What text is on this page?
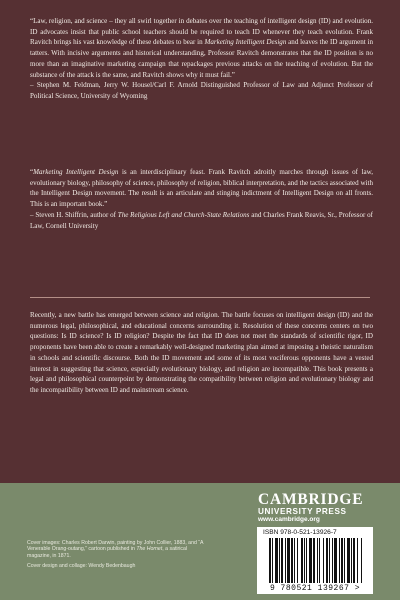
“Law, religion, and science – they all swirl together in debates over the teaching of intelligent design (ID) and evolution. ID advocates insist that public school teachers should be required to teach ID whenever they teach evolution. Frank Ravitch brings his vast knowledge of these debates to bear in Marketing Intelligent Design and leaves the ID argument in tatters. With incisive arguments and historical understanding, Professor Ravitch demonstrates that the ID position is no more than an imaginative marketing campaign that repackages previous attacks on the teaching of evolution. But the substance of the attack is the same, and Ravitch shows why it must fail.”

– Stephen M. Feldman, Jerry W. Housel/Carl F. Arnold Distinguished Professor of Law and Adjunct Professor of Political Science, University of Wyoming

“Marketing Intelligent Design is an interdisciplinary feast. Frank Ravitch adroitly marches through issues of law, evolutionary biology, philosophy of science, philosophy of religion, biblical interpretation, and the tactics associated with the Intelligent Design movement. The result is an articulate and stinging indictment of Intelligent Design on all fronts. This is an important book.”

– Steven H. Shiffrin, author of The Religious Left and Church-State Relations and Charles Frank Reavis, Sr., Professor of Law, Cornell University

Recently, a new battle has emerged between science and religion. The battle focuses on intelligent design (ID) and the numerous legal, philosophical, and educational concerns surrounding it. Resolution of these concerns centers on two questions: Is ID science? Is ID religion? Despite the fact that ID does not meet the standards of scientific rigor, ID proponents have been able to create a remarkably well-designed marketing plan aimed at imposing a theistic naturalism in schools and scientific discourse. Both the ID movement and some of its most vociferous opponents have a vested interest in suggesting that science, especially evolutionary biology, and religion are incompatible. This book presents a legal and philosophical counterpoint by demonstrating the compatibility between religion and evolutionary biology and the incompatibility between ID and mainstream science.

Cover images: Charles Robert Darwin, painting by John Collier, 1883, and “A Venerable Orang-outang,” cartoon published in The Hornet, a satirical magazine, in 1871.

Cover design and collage: Wendy Bedenbaugh

CAMBRIDGE
UNIVERSITY PRESS
www.cambridge.org
ISBN 978-0-521-13926-7
9 780521 139267 >
